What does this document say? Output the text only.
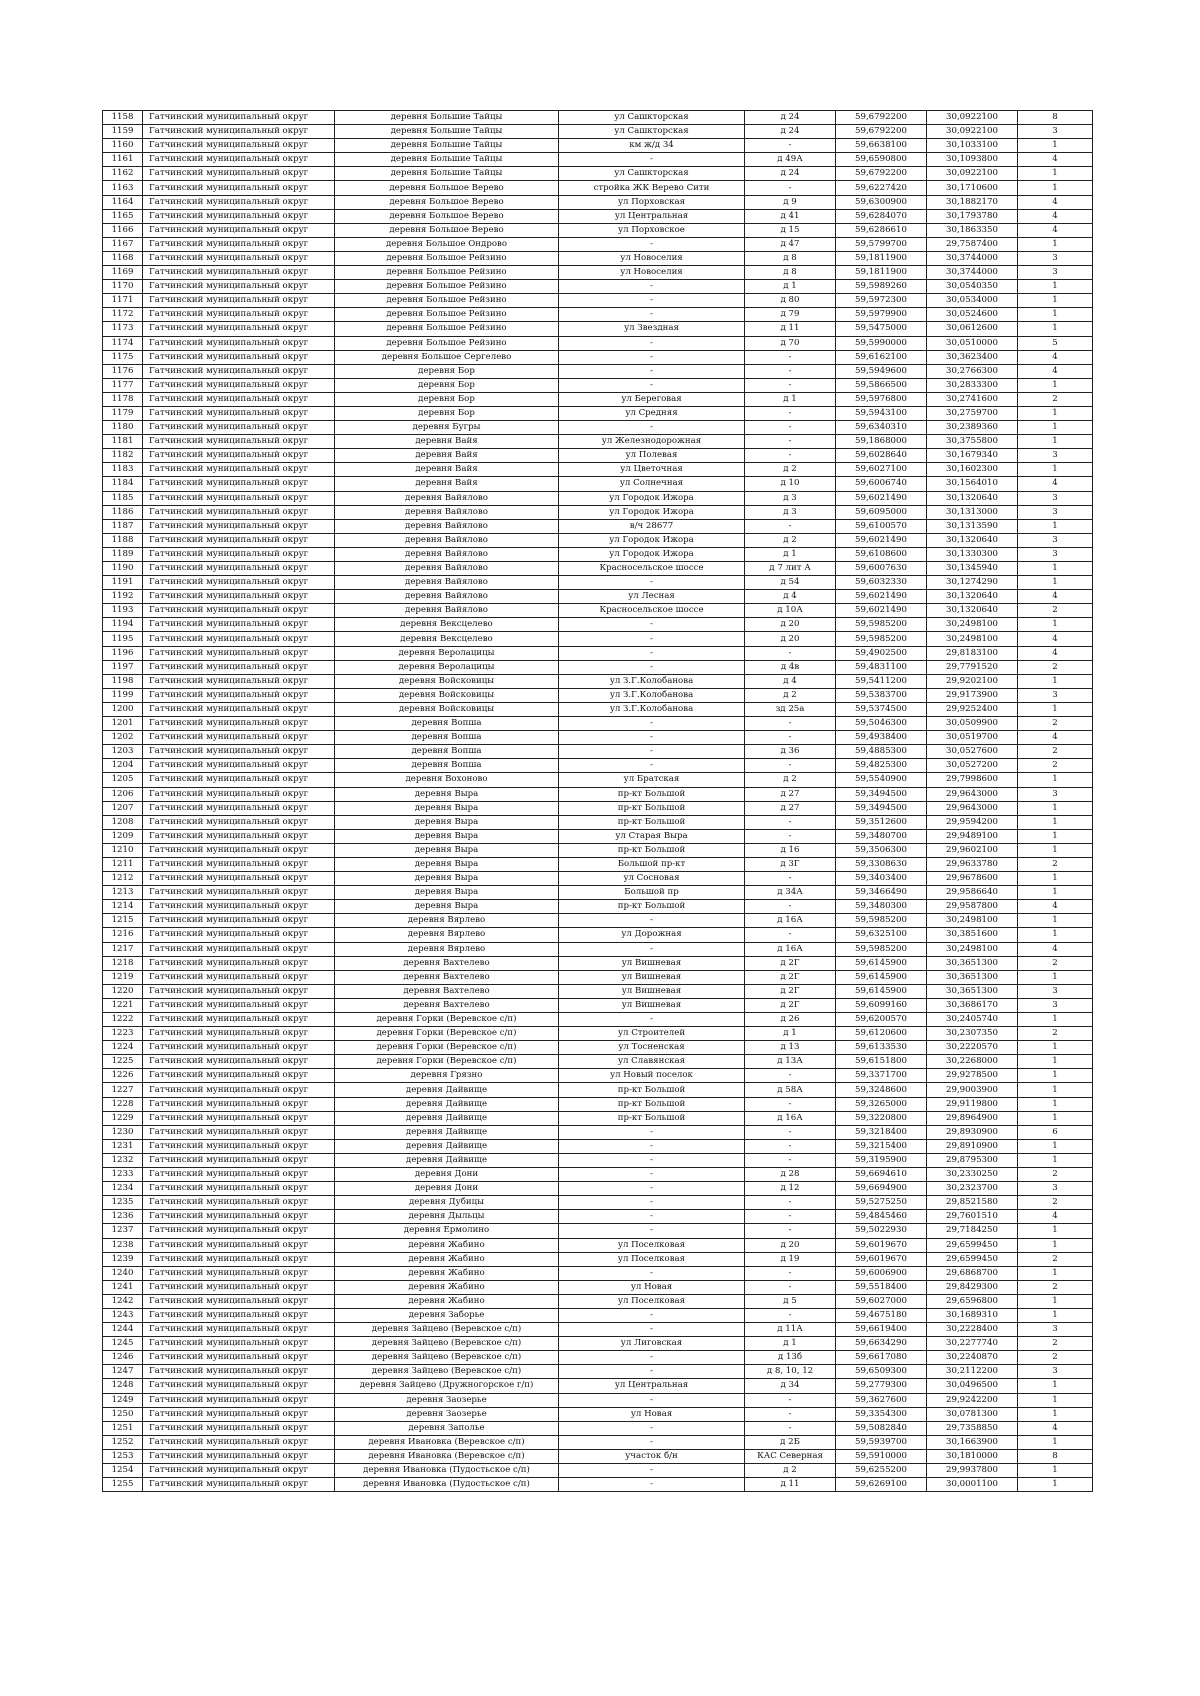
1158	Гатчинский муниципальный округ	деревня Большие Тайцы	ул Сашкторская	д 24	59,6792200	30,0922100	8
1159	Гатчинский муниципальный округ	деревня Большие Тайцы	ул Сашкторская	д 24	59,6792200	30,0922100	3
1160	Гатчинский муниципальный округ	деревня Большие Тайцы	км ж/д 34	-	59,6638100	30,1033100	1
1161	Гатчинский муниципальный округ	деревня Большие Тайцы	-	д 49А	59,6590800	30,1093800	4
1162	Гатчинский муниципальный округ	деревня Большие Тайцы	ул Сашкторская	д 24	59,6792200	30,0922100	1
1163	Гатчинский муниципальный округ	деревня Большое Верево	стройка ЖК Верево Сити	-	59,6227420	30,1710600	1
1164	Гатчинский муниципальный округ	деревня Большое Верево	ул Порховская	д 9	59,6300900	30,1882170	4
1165	Гатчинский муниципальный округ	деревня Большое Верево	ул Центральная	д 41	59,6284070	30,1793780	4
1166	Гатчинский муниципальный округ	деревня Большое Верево	ул Порховское	д 15	59,6286610	30,1863350	4
1167	Гатчинский муниципальный округ	деревня Большое Ондрово	-	д 47	59,5799700	29,7587400	1
1168	Гатчинский муниципальный округ	деревня Большое Рейзино	ул Новоселия	д 8	59,1811900	30,3744000	3
1169	Гатчинский муниципальный округ	деревня Большое Рейзино	ул Новоселия	д 8	59,1811900	30,3744000	3
1170	Гатчинский муниципальный округ	деревня Большое Рейзино	-	д 1	59,5989260	30,0540350	1
1171	Гатчинский муниципальный округ	деревня Большое Рейзино	-	д 80	59,5972300	30,0534000	1
1172	Гатчинский муниципальный округ	деревня Большое Рейзино	-	д 79	59,5979900	30,0524600	1
1173	Гатчинский муниципальный округ	деревня Большое Рейзино	ул Звездная	д 11	59,5475000	30,0612600	1
1174	Гатчинский муниципальный округ	деревня Большое Рейзино	-	д 70	59,5990000	30,0510000	5
1175	Гатчинский муниципальный округ	деревня Большое Сергелево	-	-	59,6162100	30,3623400	4
1176	Гатчинский муниципальный округ	деревня Бор	-	-	59,5949600	30,2766300	4
1177	Гатчинский муниципальный округ	деревня Бор	-	-	59,5866500	30,2833300	1
1178	Гатчинский муниципальный округ	деревня Бор	ул Береговая	д 1	59,5976800	30,2741600	2
1179	Гатчинский муниципальный округ	деревня Бор	ул Средняя	-	59,5943100	30,2759700	1
1180	Гатчинский муниципальный округ	деревня Бугры	-	-	59,6340310	30,2389360	1
1181	Гатчинский муниципальный округ	деревня Вайя	ул Железнодорожная	-	59,1868000	30,3755800	1
1182	Гатчинский муниципальный округ	деревня Вайя	ул Полевая	-	59,6028640	30,1679340	3
1183	Гатчинский муниципальный округ	деревня Вайя	ул Цветочная	д 2	59,6027100	30,1602300	1
1184	Гатчинский муниципальный округ	деревня Вайя	ул Солнечная	д 10	59,6006740	30,1564010	4
1185	Гатчинский муниципальный округ	деревня Вайялово	ул Городок Ижора	д 3	59,6021490	30,1320640	3
1186	Гатчинский муниципальный округ	деревня Вайялово	ул Городок Ижора	д 3	59,6095000	30,1313000	3
1187	Гатчинский муниципальный округ	деревня Вайялово	в/ч 28677	-	59,6100570	30,1313590	1
1188	Гатчинский муниципальный округ	деревня Вайялово	ул Городок Ижора	д 2	59,6021490	30,1320640	3
1189	Гатчинский муниципальный округ	деревня Вайялово	ул Городок Ижора	д 1	59,6108600	30,1330300	3
1190	Гатчинский муниципальный округ	деревня Вайялово	Красносельское шоссе	д 7 лит А	59,6007630	30,1345940	1
1191	Гатчинский муниципальный округ	деревня Вайялово	-	д 54	59,6032330	30,1274290	1
1192	Гатчинский муниципальный округ	деревня Вайялово	ул Лесная	д 4	59,6021490	30,1320640	4
1193	Гатчинский муниципальный округ	деревня Вайялово	Красносельское шоссе	д 10А	59,6021490	30,1320640	2
1194	Гатчинский муниципальный округ	деревня Вексцелево	-	д 20	59,5985200	30,2498100	1
1195	Гатчинский муниципальный округ	деревня Вексцелево	-	д 20	59,5985200	30,2498100	4
1196	Гатчинский муниципальный округ	деревня Веролацицы	-	-	59,4902500	29,8183100	4
1197	Гатчинский муниципальный округ	деревня Веролацицы	-	д 4в	59,4831100	29,7791520	2
1198	Гатчинский муниципальный округ	деревня Войсковицы	ул З.Г.Колобанова	д 4	59,5411200	29,9202100	1
1199	Гатчинский муниципальный округ	деревня Войсковицы	ул З.Г.Колобанова	д 2	59,5383700	29,9173900	3
1200	Гатчинский муниципальный округ	деревня Войсковицы	ул З.Г.Колобанова	зд 25а	59,5374500	29,9252400	1
1201	Гатчинский муниципальный округ	деревня Вопша	-	-	59,5046300	30,0509900	2
1202	Гатчинский муниципальный округ	деревня Вопша	-	-	59,4938400	30,0519700	4
1203	Гатчинский муниципальный округ	деревня Вопша	-	д 36	59,4885300	30,0527600	2
1204	Гатчинский муниципальный округ	деревня Вопша	-	-	59,4825300	30,0527200	2
1205	Гатчинский муниципальный округ	деревня Вохоново	ул Братская	д 2	59,5540900	29,7998600	1
1206	Гатчинский муниципальный округ	деревня Выра	пр-кт Большой	д 27	59,3494500	29,9643000	3
1207	Гатчинский муниципальный округ	деревня Выра	пр-кт Большой	д 27	59,3494500	29,9643000	1
1208	Гатчинский муниципальный округ	деревня Выра	пр-кт Большой	-	59,3512600	29,9594200	1
1209	Гатчинский муниципальный округ	деревня Выра	ул Старая Выра	-	59,3480700	29,9489100	1
1210	Гатчинский муниципальный округ	деревня Выра	пр-кт Большой	д 16	59,3506300	29,9602100	1
1211	Гатчинский муниципальный округ	деревня Выра	Большой пр-кт	д 3Г	59,3308630	29,9633780	2
1212	Гатчинский муниципальный округ	деревня Выра	ул Сосновая	-	59,3403400	29,9678600	1
1213	Гатчинский муниципальный округ	деревня Выра	Большой пр	д 34А	59,3466490	29,9586640	1
1214	Гатчинский муниципальный округ	деревня Выра	пр-кт Большой	-	59,3480300	29,9587800	4
1215	Гатчинский муниципальный округ	деревня Вярлево	-	д 16А	59,5985200	30,2498100	1
1216	Гатчинский муниципальный округ	деревня Вярлево	ул Дорожная	-	59,6325100	30,3851600	1
1217	Гатчинский муниципальный округ	деревня Вярлево	-	д 16А	59,5985200	30,2498100	4
1218	Гатчинский муниципальный округ	деревня Вахтелево	ул Вишневая	д 2Г	59,6145900	30,3651300	2
1219	Гатчинский муниципальный округ	деревня Вахтелево	ул Вишневая	д 2Г	59,6145900	30,3651300	1
1220	Гатчинский муниципальный округ	деревня Вахтелево	ул Вишневая	д 2Г	59,6145900	30,3651300	3
1221	Гатчинский муниципальный округ	деревня Вахтелево	ул Вишневая	д 2Г	59,6099160	30,3686170	3
1222	Гатчинский муниципальный округ	деревня Горки (Веревское с/п)	-	д 26	59,6200570	30,2405740	1
1223	Гатчинский муниципальный округ	деревня Горки (Веревское с/п)	ул Строителей	д 1	59,6120600	30,2307350	2
1224	Гатчинский муниципальный округ	деревня Горки (Веревское с/п)	ул Тосненская	д 13	59,6133530	30,2220570	1
1225	Гатчинский муниципальный округ	деревня Горки (Веревское с/п)	ул Славянская	д 13А	59,6151800	30,2268000	1
1226	Гатчинский муниципальный округ	деревня Грязно	ул Новый поселок	-	59,3371700	29,9278500	1
1227	Гатчинский муниципальный округ	деревня Дайвище	пр-кт Большой	д 58А	59,3248600	29,9003900	1
1228	Гатчинский муниципальный округ	деревня Дайвище	пр-кт Большой	-	59,3265000	29,9119800	1
1229	Гатчинский муниципальный округ	деревня Дайвище	пр-кт Большой	д 16А	59,3220800	29,8964900	1
1230	Гатчинский муниципальный округ	деревня Дайвище	-	-	59,3218400	29,8930900	6
1231	Гатчинский муниципальный округ	деревня Дайвище	-	-	59,3215400	29,8910900	1
1232	Гатчинский муниципальный округ	деревня Дайвище	-	-	59,3195900	29,8795300	1
1233	Гатчинский муниципальный округ	деревня Дони	-	д 28	59,6694610	30,2330250	2
1234	Гатчинский муниципальный округ	деревня Дони	-	д 12	59,6694900	30,2323700	3
1235	Гатчинский муниципальный округ	деревня Дубицы	-	-	59,5275250	29,8521580	2
1236	Гатчинский муниципальный округ	деревня Дыльцы	-	-	59,4845460	29,7601510	4
1237	Гатчинский муниципальный округ	деревня Ермолино	-	-	59,5022930	29,7184250	1
1238	Гатчинский муниципальный округ	деревня Жабино	ул Поселковая	д 20	59,6019670	29,6599450	1
1239	Гатчинский муниципальный округ	деревня Жабино	ул Поселковая	д 19	59,6019670	29,6599450	2
1240	Гатчинский муниципальный округ	деревня Жабино	-	-	59,6006900	29,6868700	1
1241	Гатчинский муниципальный округ	деревня Жабино	ул Новая	-	59,5518400	29,8429300	2
1242	Гатчинский муниципальный округ	деревня Жабино	ул Поселковая	д 5	59,6027000	29,6596800	1
1243	Гатчинский муниципальный округ	деревня Заборье	-	-	59,4675180	30,1689310	1
1244	Гатчинский муниципальный округ	деревня Зайцево (Веревское с/п)	-	д 11А	59,6619400	30,2228400	3
1245	Гатчинский муниципальный округ	деревня Зайцево (Веревское с/п)	ул Лиговская	д 1	59,6634290	30,2277740	2
1246	Гатчинский муниципальный округ	деревня Зайцево (Веревское с/п)	-	д 13б	59,6617080	30,2240870	2
1247	Гатчинский муниципальный округ	деревня Зайцево (Веревское с/п)	-	д 8, 10, 12	59,6509300	30,2112200	3
1248	Гатчинский муниципальный округ	деревня Зайцево (Дружногорское г/п)	ул Центральная	д 34	59,2779300	30,0496500	1
1249	Гатчинский муниципальный округ	деревня Заозерье	-	-	59,3627600	29,9242200	1
1250	Гатчинский муниципальный округ	деревня Заозерье	ул Новая	-	59,3354300	30,0781300	1
1251	Гатчинский муниципальный округ	деревня Заполье	-	-	59,5082840	29,7358850	4
1252	Гатчинский муниципальный округ	деревня Ивановка (Веревское с/п)	-	д 2Б	59,5939700	30,1663900	1
1253	Гатчинский муниципальный округ	деревня Ивановка (Веревское с/п)	участок б/н	КАС Северная	59,5910000	30,1810000	8
1254	Гатчинский муниципальный округ	деревня Ивановка (Пудостьское с/п)	-	д 2	59,6255200	29,9937800	1
1255	Гатчинский муниципальный округ	деревня Ивановка (Пудостьское с/п)	-	д 11	59,6269100	30,0001100	1
